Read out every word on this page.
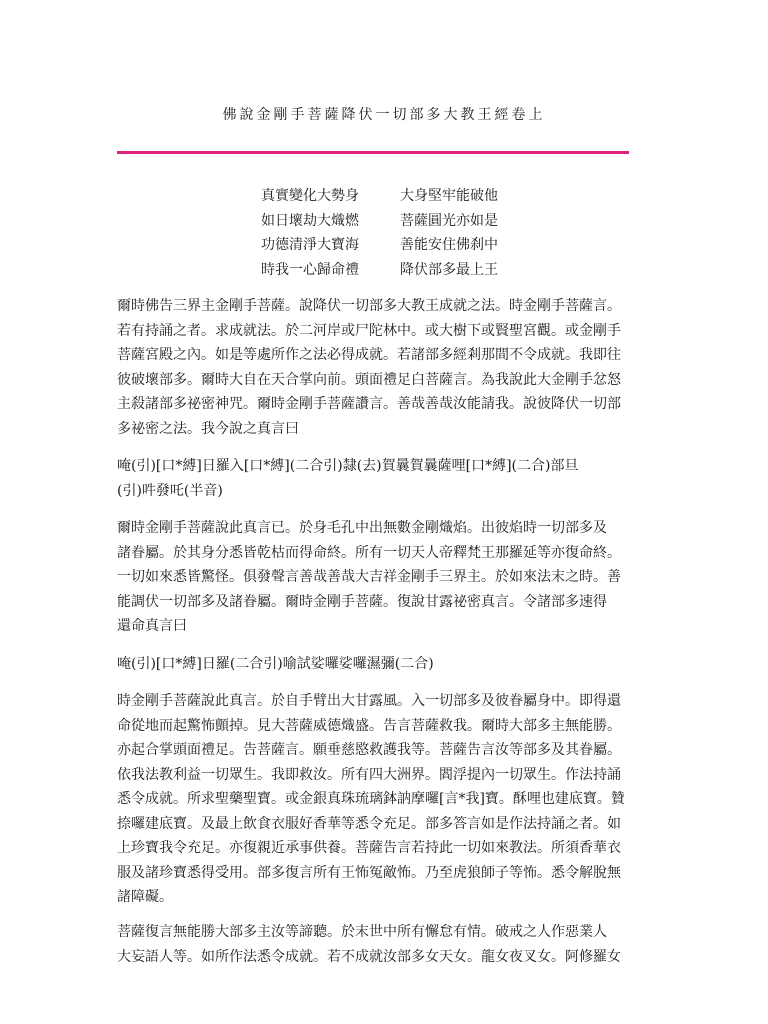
佛說金剛手菩薩降伏一切部多大教王經卷上
真實變化大勢身	大身堅牢能破他
如日壞劫大熾燃	菩薩圓光亦如是
功德清淨大寶海	善能安住佛刹中
時我一心歸命禮	降伏部多最上王
爾時佛告三界主金剛手菩薩。說降伏一切部多大教王成就之法。時金剛手菩薩言。
若有持誦之者。求成就法。於二河岸或尸陀林中。或大樹下或賢聖宮觀。或金剛手
菩薩宮殿之內。如是等處所作之法必得成就。若諸部多經剎那間不令成就。我即往
彼破壞部多。爾時大自在天合掌向前。頭面禮足白菩薩言。為我說此大金剛手忿怒
主殺諸部多祕密神咒。爾時金剛手菩薩讚言。善哉善哉汝能請我。說彼降伏一切部
多祕密之法。我今說之真言曰
唵(引)[口*縛]日羅入[口*縛](二合引)隸(去)賀曩賀曩薩哩[口*縛](二合)部旦
(引)吽發吒(半音)
爾時金剛手菩薩說此真言已。於身毛孔中出無數金剛熾焰。出彼焰時一切部多及
諸眷屬。於其身分悉皆乾枯而得命終。所有一切天人帝釋梵王那羅延等亦復命終。
一切如來悉皆驚怪。俱發聲言善哉善哉大吉祥金剛手三界主。於如來法末之時。善
能調伏一切部多及諸眷屬。爾時金剛手菩薩。復說甘露祕密真言。令諸部多速得
還命真言曰
唵(引)[口*縛]日羅(二合引)喻試娑囉娑囉濕彌(二合)
時金剛手菩薩說此真言。於自手臂出大甘露風。入一切部多及彼眷屬身中。即得還
命從地而起驚怖顫掉。見大菩薩威德熾盛。告言菩薩救我。爾時大部多主無能勝。
亦起合掌頭面禮足。告菩薩言。願垂慈愍救護我等。菩薩告言汝等部多及其眷屬。
依我法教利益一切眾生。我即救汝。所有四大洲界。閻浮提內一切眾生。作法持誦
悉令成就。所求聖藥聖寶。或金銀真珠琉璃鉢訥摩囉[言*我]寶。酥哩也建底寶。贊
捺囉建底寶。及最上飲食衣服好香華等悉令充足。部多答言如是作法持誦之者。如
上珍寶我令充足。亦復親近承事供養。菩薩告言若持此一切如來教法。所須香華衣
服及諸珍寶悉得受用。部多復言所有王怖冤敵怖。乃至虎狼師子等怖。悉令解脫無
諸障礙。
菩薩復言無能勝大部多主汝等諦聽。於末世中所有懈怠有情。破戒之人作惡業人
大妄語人等。如所作法悉令成就。若不成就汝部多女天女。龍女夜叉女。阿修羅女
